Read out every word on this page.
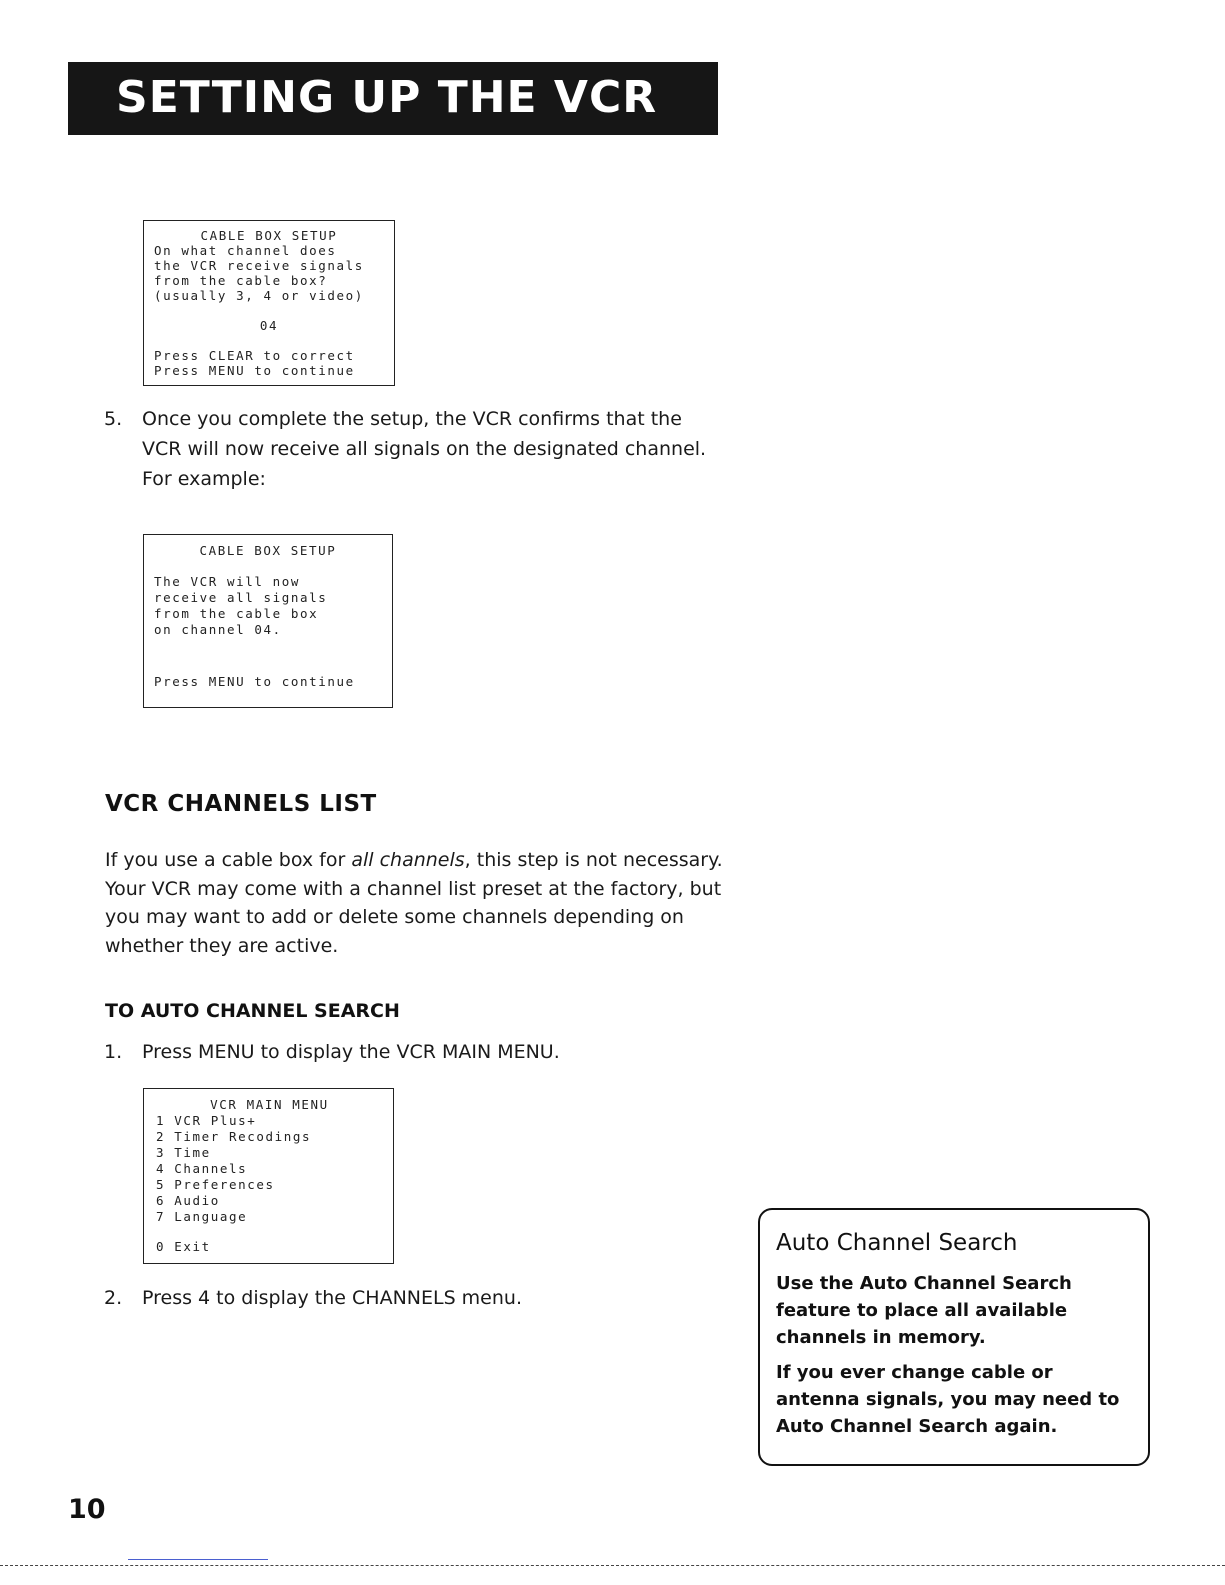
SETTING UP THE VCR
CABLE BOX SETUP
On what channel does
the VCR receive signals
from the cable box?
(usually 3, 4 or video)
04
Press CLEAR to correct
Press MENU to continue
5. Once you complete the setup, the VCR confirms that the
VCR will now receive all signals on the designated channel.
For example:
CABLE BOX SETUP
The VCR will now
receive all signals
from the cable box
on channel 04.
Press MENU to continue
VCR CHANNELS LIST
If you use a cable box for all channels, this step is not necessary.
Your VCR may come with a channel list preset at the factory, but
you may want to add or delete some channels depending on
whether they are active.
TO AUTO CHANNEL SEARCH
1. Press MENU to display the VCR MAIN MENU.
VCR MAIN MENU
1 VCR Plus+
2 Timer Recodings
3 Time
4 Channels
5 Preferences
6 Audio
7 Language
0 Exit
2. Press 4 to display the CHANNELS menu.
Auto Channel Search

Use the Auto Channel Search feature to place all available channels in memory.

If you ever change cable or antenna signals, you may need to Auto Channel Search again.

10
